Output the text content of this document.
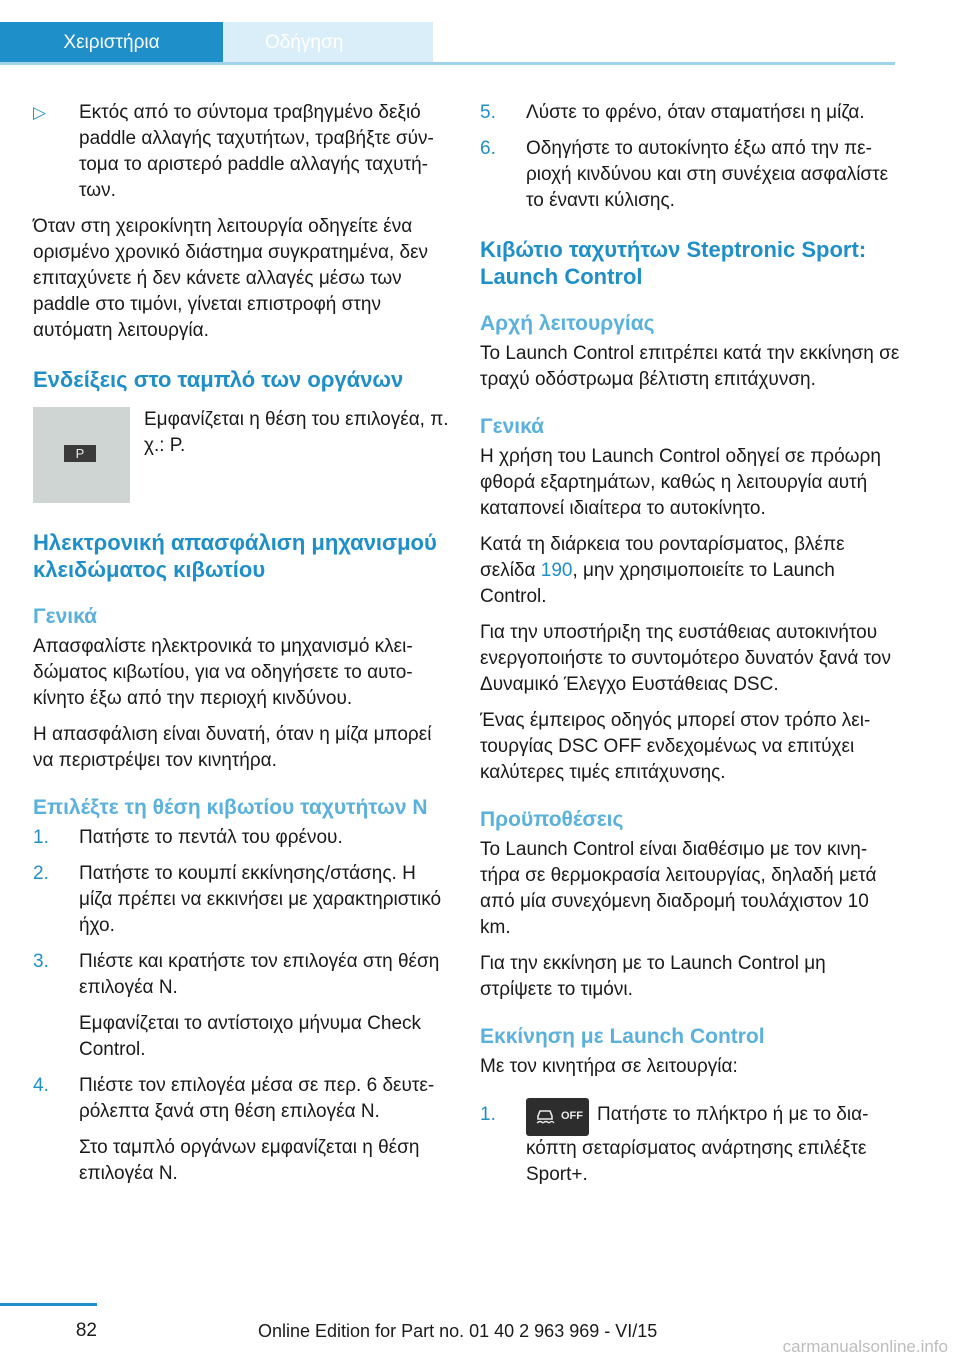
Χειριστήρια	Οδήγηση
▷ Εκτός από το σύντομα τραβηγμένο δεξιό paddle αλλαγής ταχυτήτων, τραβήξτε σύντομα το αριστερό paddle αλλαγής ταχυτήτων.

Όταν στη χειροκίνητη λειτουργία οδηγείτε ένα ορισμένο χρονικό διάστημα συγκρατημένα, δεν επιταχύνετε ή δεν κάνετε αλλαγές μέσω των paddle στο τιμόνι, γίνεται επιστροφή στην αυτόματη λειτουργία.

Ενδείξεις στο ταμπλό των οργάνων
P

Εμφανίζεται η θέση του επιλογέα, π. χ.: P.

Ηλεκτρονική απασφάλιση μηχανισμού κλειδώματος κιβωτίου
Γενικά

Απασφαλίστε ηλεκτρονικά το μηχανισμό κλειδώματος κιβωτίου, για να οδηγήσετε το αυτοκίνητο έξω από την περιοχή κινδύνου.

Η απασφάλιση είναι δυνατή, όταν η μίζα μπορεί να περιστρέψει τον κινητήρα.

Επιλέξτε τη θέση κιβωτίου ταχυτήτων N
1. Πατήστε το πεντάλ του φρένου.
2. Πατήστε το κουμπί εκκίνησης/στάσης. Η μίζα πρέπει να εκκινήσει με χαρακτηριστικό ήχο.
3. Πιέστε και κρατήστε τον επιλογέα στη θέση επιλογέα N.
Εμφανίζεται το αντίστοιχο μήνυμα Check Control.
4. Πιέστε τον επιλογέα μέσα σε περ. 6 δευτερόλεπτα ξανά στη θέση επιλογέα N.
Στο ταμπλό οργάνων εμφανίζεται η θέση επιλογέα N.
5. Λύστε το φρένο, όταν σταματήσει η μίζα.
6. Οδηγήστε το αυτοκίνητο έξω από την περιοχή κινδύνου και στη συνέχεια ασφαλίστε το έναντι κύλισης.
Κιβώτιο ταχυτήτων Steptronic Sport: Launch Control
Αρχή λειτουργίας

Το Launch Control επιτρέπει κατά την εκκίνηση σε τραχύ οδόστρωμα βέλτιστη επιτάχυνση.

Γενικά

Η χρήση του Launch Control οδηγεί σε πρόωρη φθορά εξαρτημάτων, καθώς η λειτουργία αυτή καταπονεί ιδιαίτερα το αυτοκίνητο.

Κατά τη διάρκεια του ρονταρίσματος, βλέπε σελίδα 190, μην χρησιμοποιείτε το Launch Control.

Για την υποστήριξη της ευστάθειας αυτοκινήτου ενεργοποιήστε το συντομότερο δυνατόν ξανά τον Δυναμικό Έλεγχο Ευστάθειας DSC.

Ένας έμπειρος οδηγός μπορεί στον τρόπο λειτουργίας DSC OFF ενδεχομένως να επιτύχει καλύτερες τιμές επιτάχυνσης.

Προϋποθέσεις

Το Launch Control είναι διαθέσιμο με τον κινητήρα σε θερμοκρασία λειτουργίας, δηλαδή μετά από μία συνεχόμενη διαδρομή τουλάχιστον 10 km.

Για την εκκίνηση με το Launch Control μη στρίψετε το τιμόνι.

Εκκίνηση με Launch Control

Με τον κινητήρα σε λειτουργία:

1.	OFF Πατήστε το πλήκτρο ή με το διακόπτη σεταρίσματος ανάρτησης επιλέξτε Sport+.
82	Online Edition for Part no. 01 40 2 963 969 - VI/15
carmanualsonline.info
